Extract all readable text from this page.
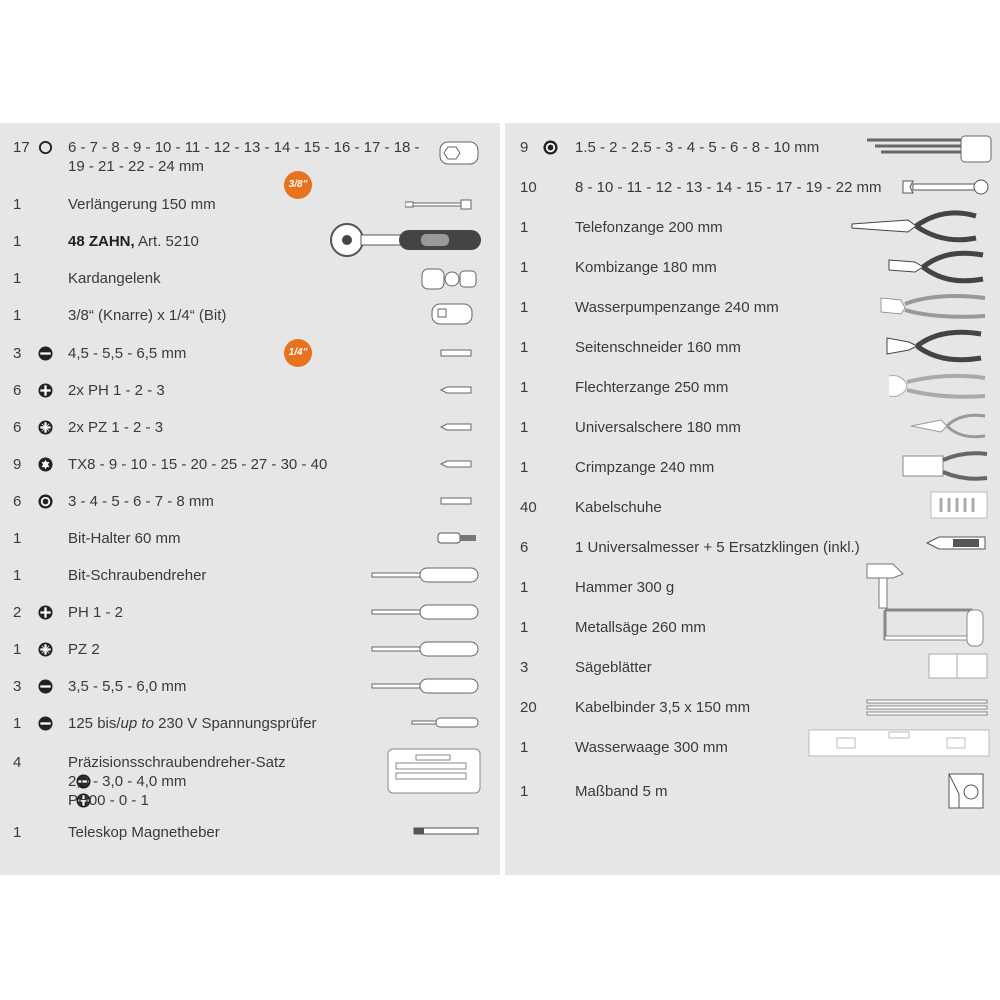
3/8"
1/4"
17	6 - 7 - 8 - 9 - 10 - 11 - 12 - 13 - 14 - 15 - 16 - 17 - 18 -
19 - 21 - 22 - 24 mm
1	Verlängerung 150 mm
1	48 ZAHN, Art. 5210
1	Kardangelenk
1	3/8“ (Knarre) x 1/4“ (Bit)
3	4,5 - 5,5 - 6,5 mm
6	2x PH 1 - 2 - 3
6	2x PZ 1 - 2 - 3
9	TX8 - 9 - 10 - 15 - 20 - 25 - 27 - 30 - 40
6	3 - 4 - 5 - 6 - 7 - 8 mm
1	Bit-Halter 60 mm
1	Bit-Schraubendreher
2	PH 1 - 2
1	PZ 2
3	3,5 - 5,5 - 6,0 mm
1	125 bis/up to 230 V Spannungsprüfer
4	Präzisionsschraubendreher-Satz
2,0 - 3,0 - 4,0 mm
PH00 - 0 - 1
1	Teleskop Magnetheber
9	1.5 - 2 - 2.5 - 3 - 4 - 5 - 6 - 8 - 10 mm
10	8 - 10 - 11 - 12 - 13 - 14 - 15 - 17 - 19 - 22 mm
1	Telefonzange 200 mm
1	Kombizange 180 mm
1	Wasserpumpenzange 240 mm
1	Seitenschneider 160 mm
1	Flechterzange 250 mm
1	Universalschere 180 mm
1	Crimpzange 240 mm
40	Kabelschuhe
6	1 Universalmesser + 5 Ersatzklingen (inkl.)
1	Hammer 300 g
1	Metallsäge 260 mm
3	Sägeblätter
20	Kabelbinder 3,5 x 150 mm
1	Wasserwaage 300 mm
1	Maßband 5 m
